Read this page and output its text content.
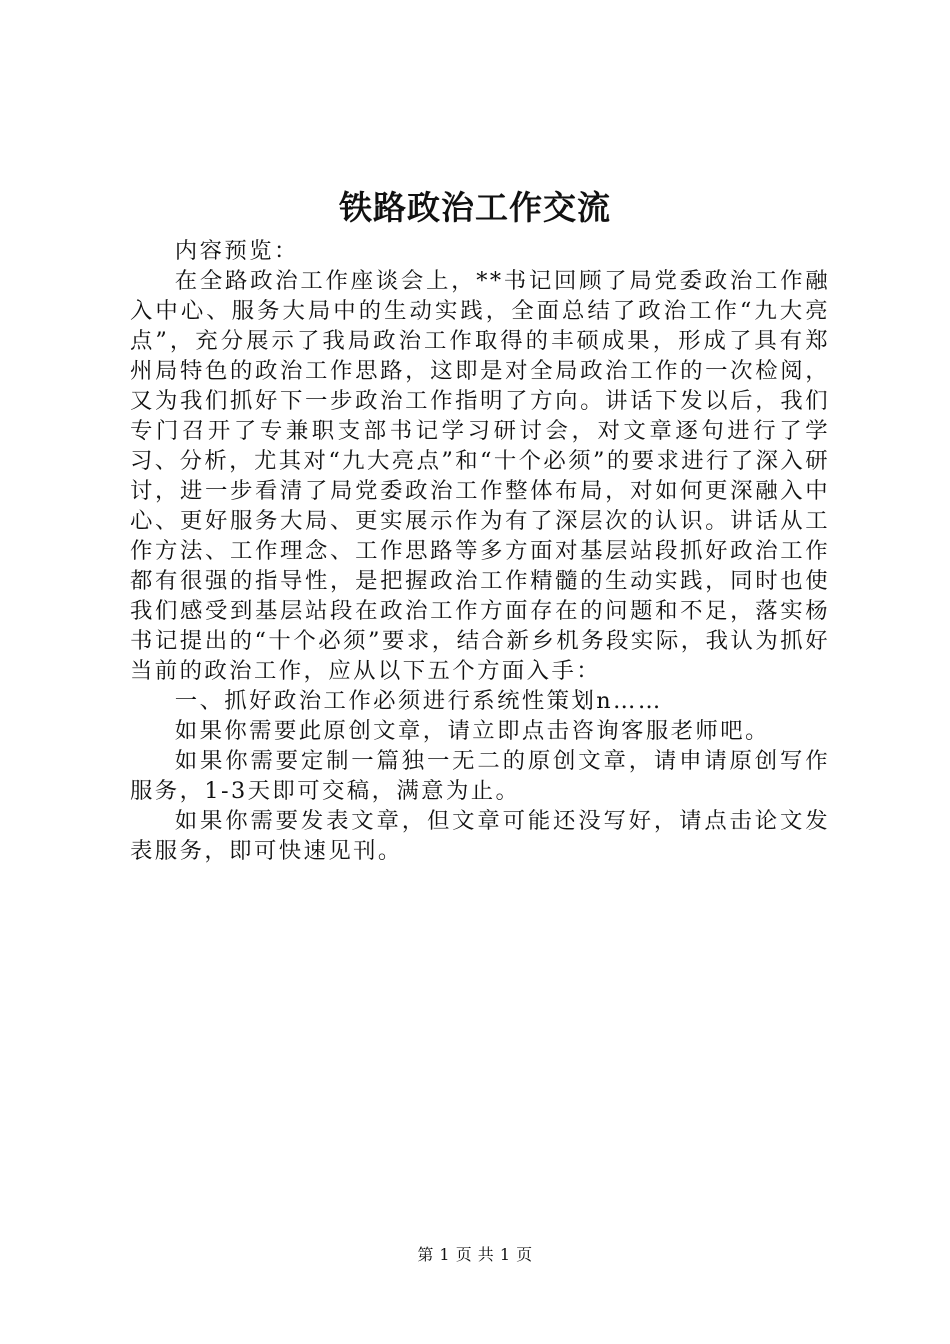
铁路政治工作交流

内容预览：

在全路政治工作座谈会上，**书记回顾了局党委政治工作融入中心、服务大局中的生动实践，全面总结了政治工作“九大亮点”，充分展示了我局政治工作取得的丰硕成果，形成了具有郑州局特色的政治工作思路，这即是对全局政治工作的一次检阅，又为我们抓好下一步政治工作指明了方向。讲话下发以后，我们专门召开了专兼职支部书记学习研讨会，对文章逐句进行了学习、分析，尤其对“九大亮点”和“十个必须”的要求进行了深入研讨，进一步看清了局党委政治工作整体布局，对如何更深融入中心、更好服务大局、更实展示作为有了深层次的认识。讲话从工作方法、工作理念、工作思路等多方面对基层站段抓好政治工作都有很强的指导性，是把握政治工作精髓的生动实践，同时也使我们感受到基层站段在政治工作方面存在的问题和不足，落实杨书记提出的“十个必须”要求，结合新乡机务段实际，我认为抓好当前的政治工作，应从以下五个方面入手：

一、抓好政治工作必须进行系统性策划n……

如果你需要此原创文章，请立即点击咨询客服老师吧。

如果你需要定制一篇独一无二的原创文章，请申请原创写作服务，1-3天即可交稿，满意为止。

如果你需要发表文章，但文章可能还没写好，请点击论文发表服务，即可快速见刊。

第 1 页 共 1 页
